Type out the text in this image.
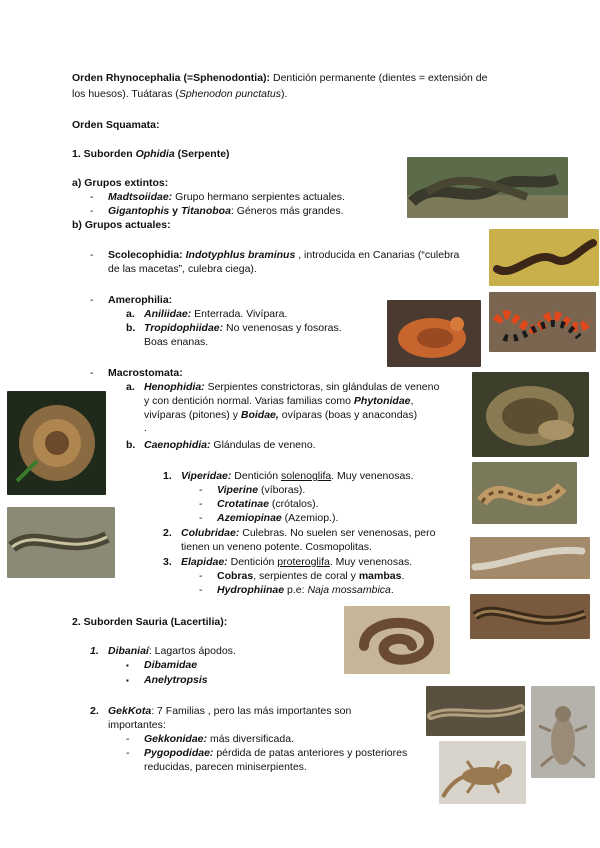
Orden Rhynocephalia (=Sphenodontia): Dentición permanente (dientes = extensión de
los huesos). Tuátaras (Sphenodon punctatus).
Orden Squamata:
1. Suborden Ophidia (Serpente)
a) Grupos extintos:
- Madtsoiidae: Grupo hermano serpientes actuales.
- Gigantophis y Titanoboa: Géneros más grandes.
b) Grupos actuales:
- Scolecophidia: Indotyphlus braminus , introducida en Canarias (“culebra
de las macetas”, culebra ciega).
- Amerophilia:
a. Aniliidae: Enterrada. Vivípara.
b. Tropidophiidae: No venenosas y fosoras.
Boas enanas.
- Macrostomata:
a. Henophidia: Serpientes constrictoras, sin glándulas de veneno
y con dentición normal. Varias familias como Phytonidae,
vivíparas (pitones) y Boidae, ovíparas (boas y anacondas)
.
b. Caenophidia: Glándulas de veneno.
1. Viperidae: Dentición solenoglifa. Muy venenosas.
- Viperine (víboras).
- Crotatinae (crótalos).
- Azemiopinae (Azemiop.).
2. Colubridae: Culebras. No suelen ser venenosas, pero
tienen un veneno potente. Cosmopolitas.
3. Elapidae: Dentición proteroglifa. Muy venenosas.
- Cobras, serpientes de coral y mambas.
- Hydrophiinae p.e: Naja mossambica.
2. Suborden Sauria (Lacertilia):
1. Dibaniaí: Lagartos ápodos.
▪ Dibamidae
▪ Anelytropsis
2. GekKota: 7 Familias , pero las más importantes son
importantes:
- Gekkonidae: más diversificada.
- Pygopodidae: pérdida de patas anteriores y posteriores
reducidas, parecen miniserpientes.
